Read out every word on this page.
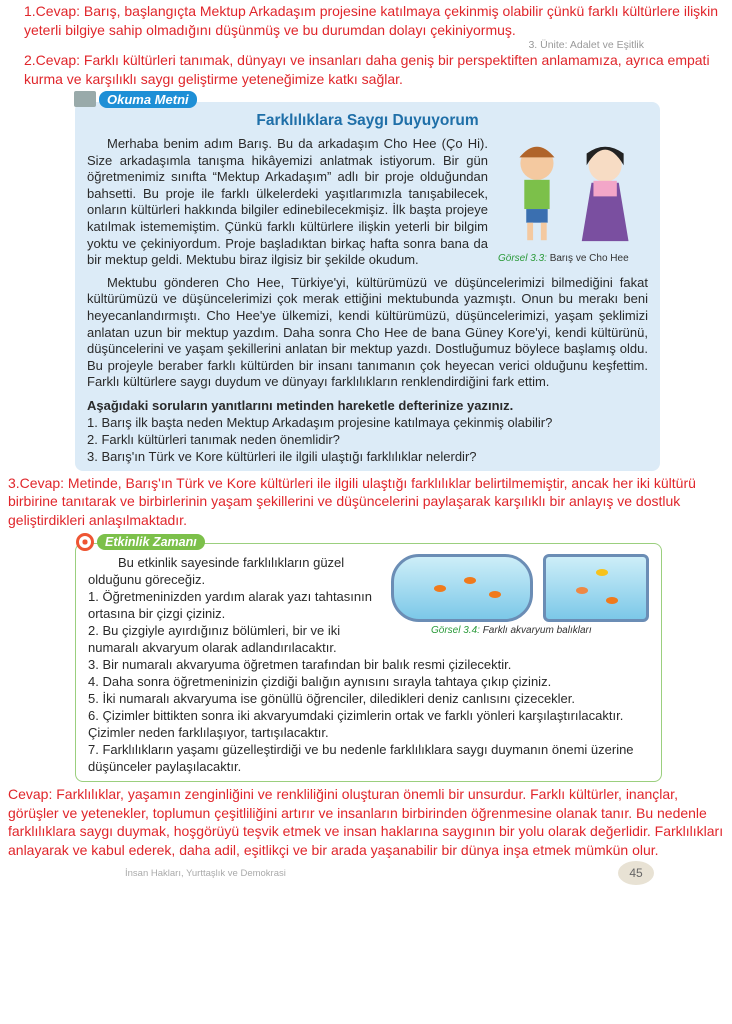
1.Cevap: Barış, başlangıçta Mektup Arkadaşım projesine katılmaya çekinmiş olabilir çünkü farklı kültürlere ilişkin yeterli bilgiye sahip olmadığını düşünmüş ve bu durumdan dolayı çekiniyormuş.
3. Ünite: Adalet ve Eşitlik
2.Cevap: Farklı kültürleri tanımak, dünyayı ve insanları daha geniş bir perspektiften anlamamıza, ayrıca empati kurma ve karşılıklı saygı geliştirme yeteneğimize katkı sağlar.
Okuma Metni
Farklılıklara Saygı Duyuyorum
Görsel 3.3: Barış ve Cho Hee

Merhaba benim adım Barış. Bu da arkadaşım Cho Hee (Ço Hi). Size arkadaşımla tanışma hikâyemizi anlatmak istiyorum. Bir gün öğretmenimiz sınıfta “Mektup Arkadaşım” adlı bir proje olduğundan bahsetti. Bu proje ile farklı ülkelerdeki yaşıtlarımızla tanışabilecek, onların kültürleri hakkında bilgiler edinebilecekmişiz. İlk başta projeye katılmak istememiştim. Çünkü farklı kültürlere ilişkin yeterli bir bilgim yoktu ve çekiniyordum. Proje başladıktan birkaç hafta sonra bana da bir mektup geldi. Mektubu biraz ilgisiz bir şekilde okudum.

Mektubu gönderen Cho Hee, Türkiye'yi, kültürümüzü ve düşüncelerimizi bilmediğini fakat kültürümüzü ve düşüncelerimizi çok merak ettiğini mektubunda yazmıştı. Onun bu merakı beni heyecanlandırmıştı. Cho Hee'ye ülkemizi, kendi kültürümüzü, düşüncelerimizi, yaşam şeklimizi anlatan uzun bir mektup yazdım. Daha sonra Cho Hee de bana Güney Kore'yi, kendi kültürünü, düşüncelerini ve yaşam şekillerini anlatan bir mektup yazdı. Dostluğumuz böylece başlamış oldu. Bu projeyle beraber farklı kültürden bir insanı tanımanın çok heyecan verici olduğunu keşfettim. Farklı kültürlere saygı duydum ve dünyayı farklılıkların renklendirdiğini fark ettim.

Aşağıdaki soruların yanıtlarını metinden hareketle defterinize yazınız.
1. Barış ilk başta neden Mektup Arkadaşım projesine katılmaya çekinmiş olabilir?
2. Farklı kültürleri tanımak neden önemlidir?
3. Barış'ın Türk ve Kore kültürleri ile ilgili ulaştığı farklılıklar nelerdir?
3.Cevap: Metinde, Barış'ın Türk ve Kore kültürleri ile ilgili ulaştığı farklılıklar belirtilmemiştir, ancak her iki kültürü birbirine tanıtarak ve birbirlerinin yaşam şekillerini ve düşüncelerini paylaşarak karşılıklı bir anlayış ve dostluk geliştirdikleri anlaşılmaktadır.
Etkinlik Zamanı
Görsel 3.4: Farklı akvaryum balıkları
Bu etkinlik sayesinde farklılıkların güzel olduğunu göreceğiz.
1. Öğretmeninizden yardım alarak yazı tahtasının ortasına bir çizgi çiziniz.
2. Bu çizgiyle ayırdığınız bölümleri, bir ve iki numaralı akvaryum olarak adlandırılacaktır.
3. Bir numaralı akvaryuma öğretmen tarafından bir balık resmi çizilecektir.
4. Daha sonra öğretmeninizin çizdiği balığın aynısını sırayla tahtaya çıkıp çiziniz.
5. İki numaralı akvaryuma ise gönüllü öğrenciler, diledikleri deniz canlısını çizecekler.
6. Çizimler bittikten sonra iki akvaryumdaki çizimlerin ortak ve farklı yönleri karşılaştırılacaktır. Çizimler neden farklılaşıyor, tartışılacaktır.
7. Farklılıkların yaşamı güzelleştirdiği ve bu nedenle farklılıklara saygı duymanın önemi üzerine düşünceler paylaşılacaktır.
Cevap: Farklılıklar, yaşamın zenginliğini ve renkliliğini oluşturan önemli bir unsurdur. Farklı kültürler, inançlar, görüşler ve yetenekler, toplumun çeşitliliğini artırır ve insanların birbirinden öğrenmesine olanak tanır. Bu nedenle farklılıklara saygı duymak, hoşgörüyü teşvik etmek ve insan haklarına saygının bir yolu olarak değerlidir. Farklılıkları anlayarak ve kabul ederek, daha adil, eşitlikçi ve bir arada yaşanabilir bir dünya inşa etmek mümkün olur.
İnsan Hakları, Yurttaşlık ve Demokrasi	45
